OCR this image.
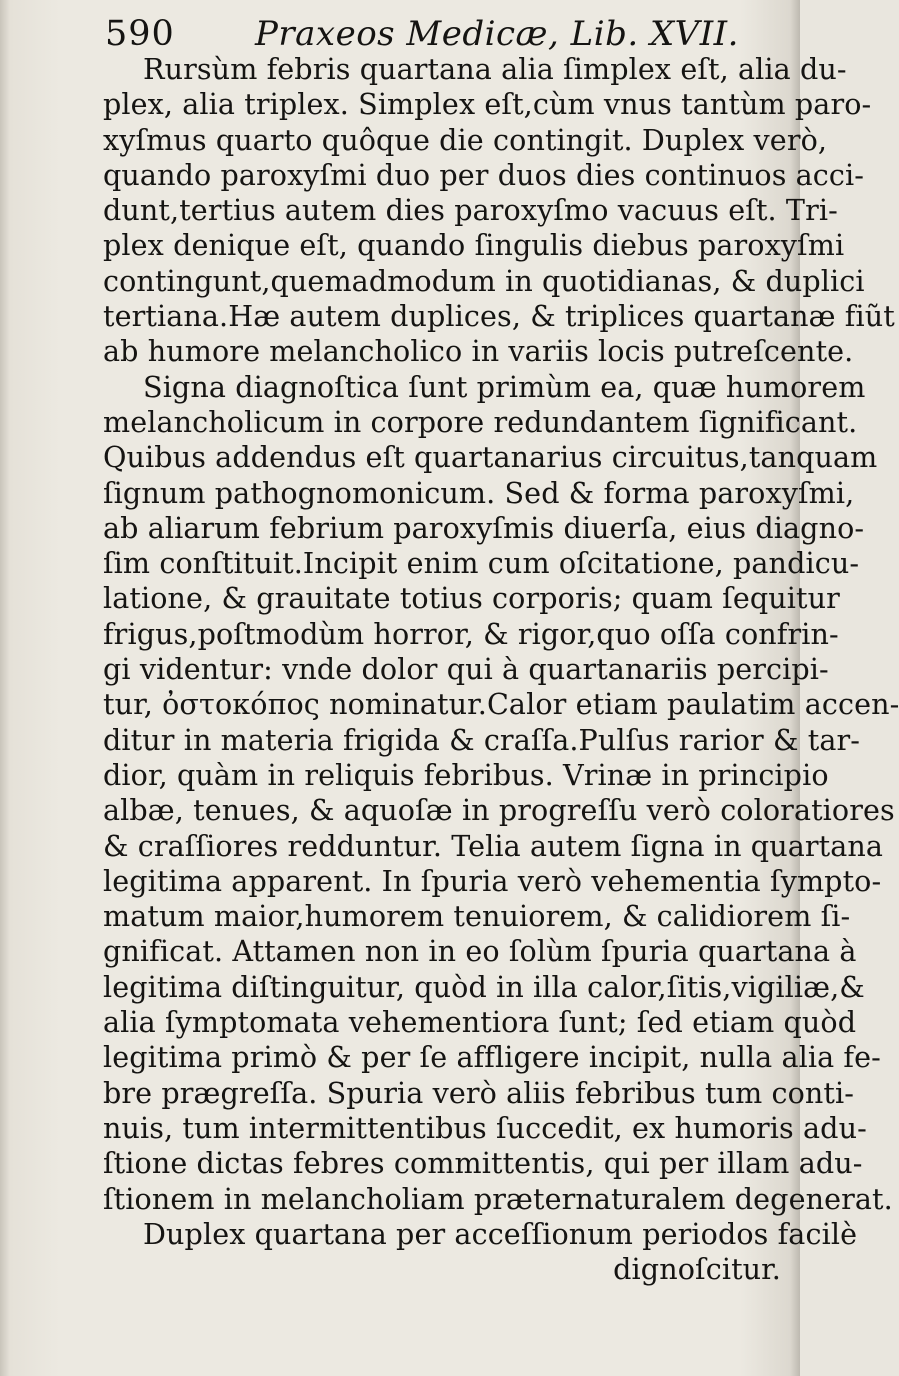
590 Praxeos Medicæ, Lib. XVII.
Rursùm febris quartana alia ſimplex eſt, alia du-
plex, alia triplex. Simplex eſt,cùm vnus tantùm paro-
xyſmus quarto quôque die contingit. Duplex verò,
quando paroxyſmi duo per duos dies continuos acci-
dunt,tertius autem dies paroxyſmo vacuus eſt. Tri-
plex denique eſt, quando ſingulis diebus paroxyſmi
contingunt,quemadmodum in quotidianas, & duplici
tertiana.Hæ autem duplices, & triplices quartanæ fiũt
ab humore melancholico in variis locis putreſcente.
Signa diagnoſtica ſunt primùm ea, quæ humorem
melancholicum in corpore redundantem ſignificant.
Quibus addendus eſt quartanarius circuitus,tanquam
ſignum pathognomonicum. Sed & forma paroxyſmi,
ab aliarum febrium paroxyſmis diuerſa, eius diagno-
ſim conſtituit.Incipit enim cum oſcitatione, pandicu-
latione, & grauitate totius corporis; quam ſequitur
frigus,poſtmodùm horror, & rigor,quo oſſa confrin-
gi videntur: vnde dolor qui à quartanariis percipi-
tur, ὀστοκόπος nominatur.Calor etiam paulatim accen-
ditur in materia frigida & craſſa.Pulſus rarior & tar-
dior, quàm in reliquis febribus. Vrinæ in principio
albæ, tenues, & aquoſæ in progreſſu verò coloratiores
& craſſiores redduntur. Telia autem ſigna in quartana
legitima apparent. In ſpuria verò vehementia ſympto-
matum maior,humorem tenuiorem, & calidiorem ſi-
gnificat. Attamen non in eo ſolùm ſpuria quartana à
legitima diſtinguitur, quòd in illa calor,ſitis,vigiliæ,&
alia ſymptomata vehementiora ſunt; ſed etiam quòd
legitima primò & per ſe affligere incipit, nulla alia fe-
bre prægreſſa. Spuria verò aliis febribus tum conti-
nuis, tum intermittentibus ſuccedit, ex humoris adu-
ſtione dictas febres committentis, qui per illam adu-
ſtionem in melancholiam præternaturalem degenerat.
Duplex quartana per acceſſionum periodos facilè
dignoſcitur.
